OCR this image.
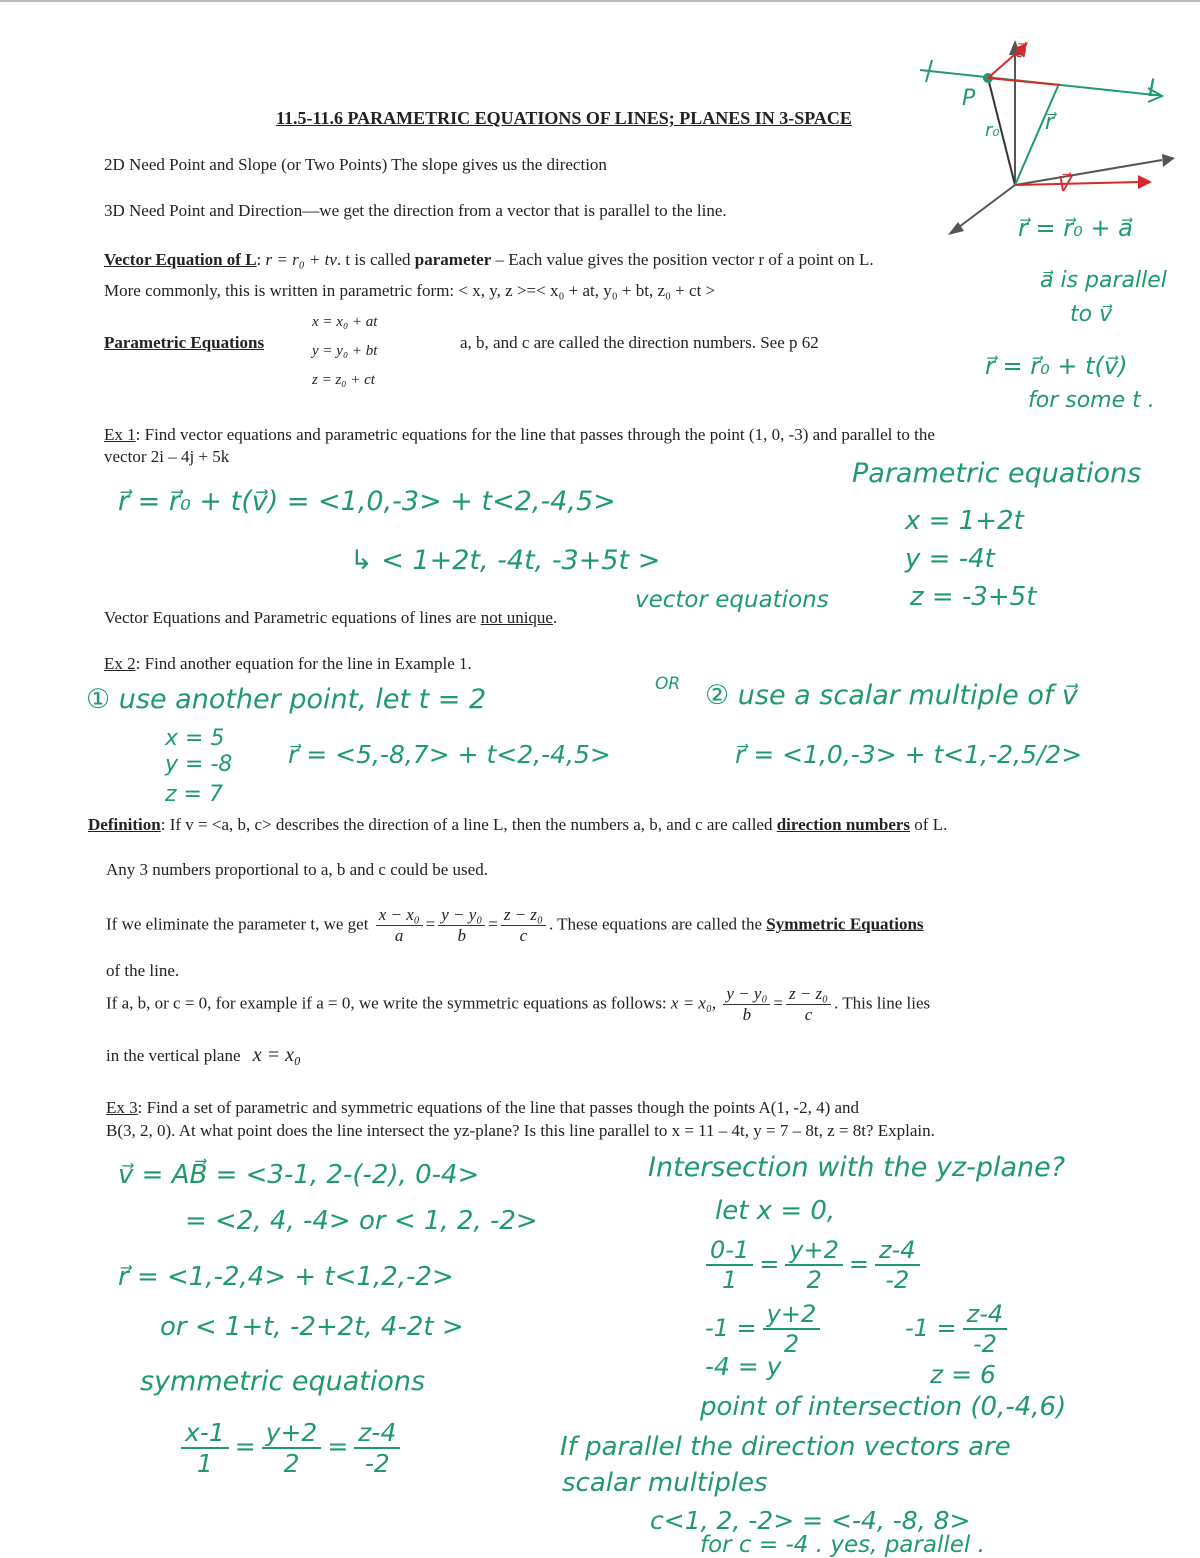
11.5-11.6 PARAMETRIC EQUATIONS OF LINES; PLANES IN 3-SPACE
2D Need Point and Slope (or Two Points) The slope gives us the direction
3D Need Point and Direction—we get the direction from a vector that is parallel to the line.
Vector Equation of L: r = r₀ + tv. t is called parameter – Each value gives the position vector r of a point on L.
More commonly, this is written in parametric form: < x, y, z >=< x₀ + at, y₀ + bt, z₀ + ct >
Parametric Equations
x = x₀ + at
y = y₀ + bt
z = z₀ + ct
a, b, and c are called the direction numbers. See p 62
a⃗
L
P
r₀ r⃗
V⃗
r⃗ = r⃗₀ + a⃗
a⃗ is parallel
to v⃗
r⃗ = r⃗₀ + t(v⃗)
for some t .
Ex 1: Find vector equations and parametric equations for the line that passes through the point (1, 0, -3) and parallel to the
vector 2i – 4j + 5k
r⃗ = r⃗₀ + t(v⃗) = <1,0,-3> + t<2,-4,5>
↳ < 1+2t, -4t, -3+5t >
vector equations
Parametric equations
x = 1+2t
y = -4t
z = -3+5t
Vector Equations and Parametric equations of lines are not unique.
Ex 2: Find another equation for the line in Example 1.
① use another point, let t = 2	OR ② use a scalar multiple of v⃗
x = 5
y = -8
z = 7
r⃗ = <5,-8,7> + t<2,-4,5>	r⃗ = <1,0,-3> + t<1,-2,5/2>
Definition: If v = <a, b, c> describes the direction of a line L, then the numbers a, b, and c are called direction numbers of L.
Any 3 numbers proportional to a, b and c could be used.
If we eliminate the parameter t, we get $\frac{\text{x − x₀}}{a} = \frac{\text{y − y₀}}{b} = \frac{\text{z − z₀}}{c}$ . These equations are called the Symmetric Equations
of the line.
If a, b, or c = 0, for example if a = 0, we write the symmetric equations as follows: x = x₀, $\frac{\text{y − y₀}}{b} = \frac{\text{z − z₀}}{c}$ . This line lies
in the vertical plane x = x₀
Ex 3: Find a set of parametric and symmetric equations of the line that passes though the points A(1, -2, 4) and
B(3, 2, 0). At what point does the line intersect the yz-plane? Is this line parallel to x = 11 – 4t, y = 7 – 8t, z = 8t? Explain.
v⃗ = AB⃗ = <3-1, 2-(-2), 0-4>
= <2, 4, -4> or < 1, 2, -2>
r⃗ = <1,-2,4> + t<1,2,-2>
or < 1+t, -2+2t, 4-2t >
symmetric equations
$\frac{x-1}{1} = \frac{y+2}{2} = \frac{z-4}{-2}$
Intersection with the yz-plane?
let x = 0,
$\frac{0-1}{1} = \frac{y+2}{2} = \frac{z-4}{-2}$
$-1 = \frac{y+2}{2}$	$-1 = \frac{z-4}{-2}$
-4 = y	z = 6
point of intersection (0,-4,6)
If parallel the direction vectors are
scalar multiples
c<1, 2, -2> = <-4, -8, 8>
for c = -4 . yes, parallel .
